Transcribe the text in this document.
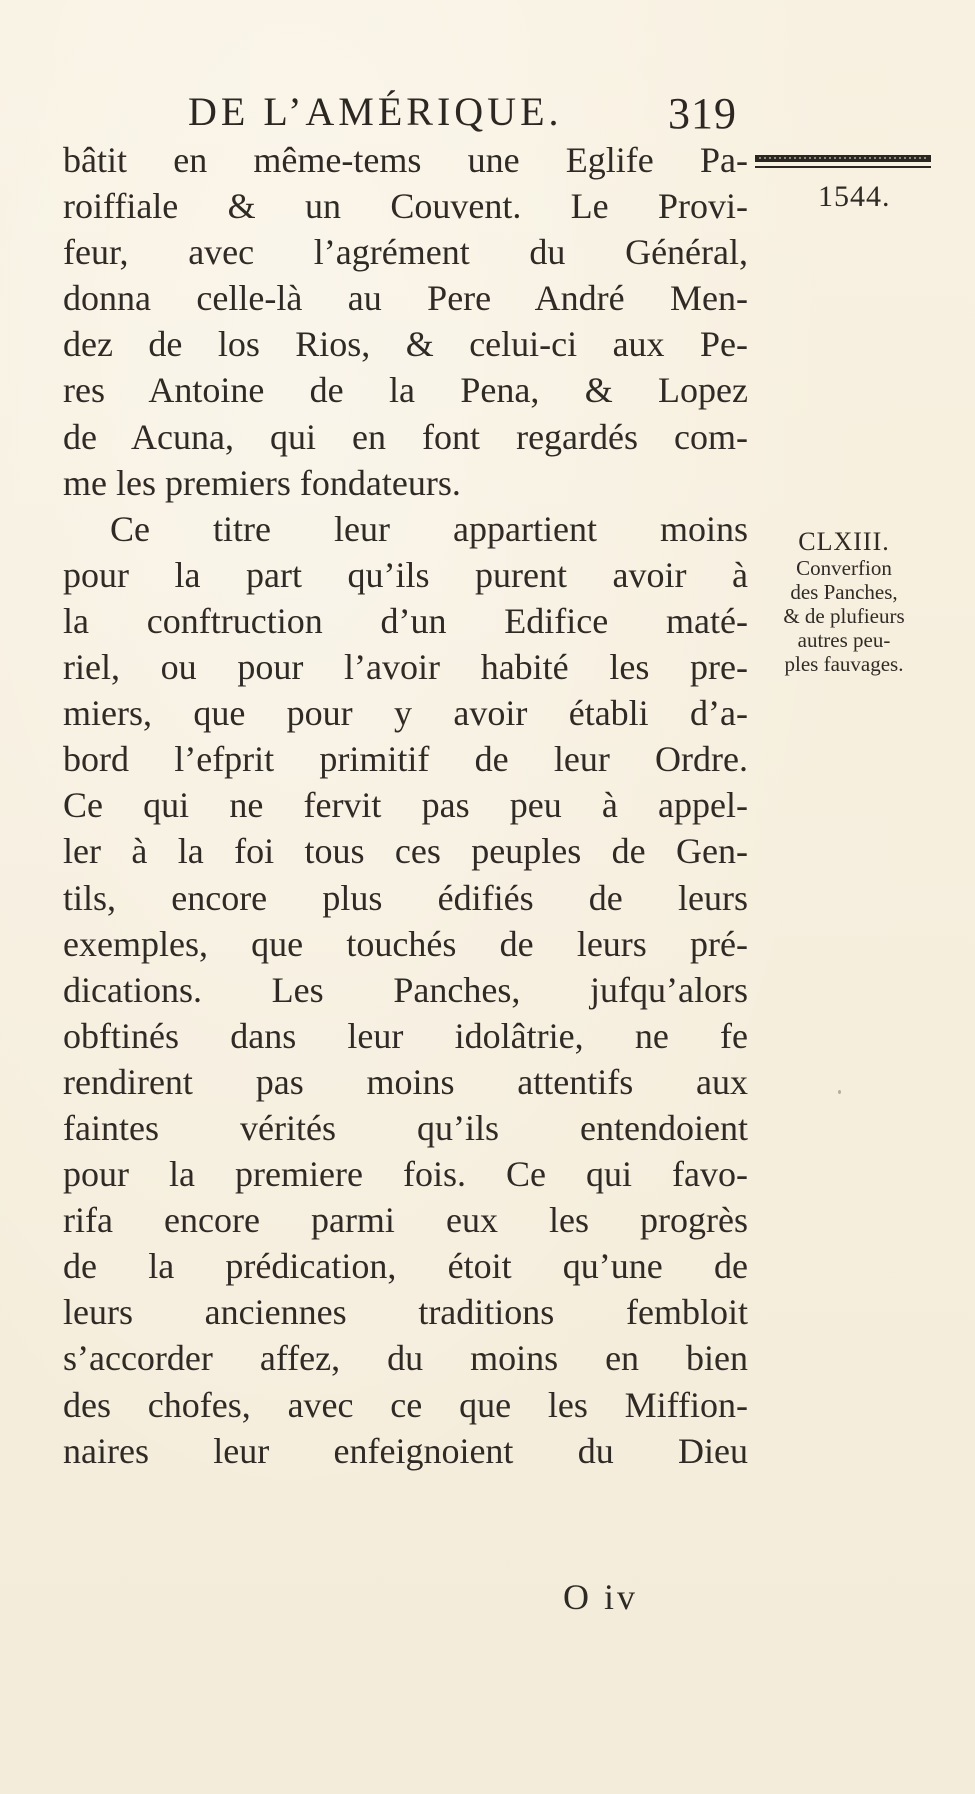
DE L’AMÉRIQUE. 319
1544.
bâtit en même-tems une Eglife Pa-
roiffiale & un Couvent. Le Provi-
feur, avec l’agrément du Général,
donna celle-là au Pere André Men-
dez de los Rios, & celui-ci aux Pe-
res Antoine de la Pena, & Lopez
de Acuna, qui en font regardés com-
me les premiers fondateurs.
Ce titre leur appartient moins
pour la part qu’ils purent avoir à
la conftruction d’un Edifice maté-
riel, ou pour l’avoir habité les pre-
miers, que pour y avoir établi d’a-
bord l’efprit primitif de leur Ordre.
Ce qui ne fervit pas peu à appel-
ler à la foi tous ces peuples de Gen-
tils, encore plus édifiés de leurs
exemples, que touchés de leurs pré-
dications. Les Panches, jufqu’alors
obftinés dans leur idolâtrie, ne fe
rendirent pas moins attentifs aux
faintes vérités qu’ils entendoient
pour la premiere fois. Ce qui favo-
rifa encore parmi eux les progrès
de la prédication, étoit qu’une de
leurs anciennes traditions fembloit
s’accorder affez, du moins en bien
des chofes, avec ce que les Miffion-
naires leur enfeignoient du Dieu
CLXIII.
Converfion
des Panches,
& de plufieurs
autres peu-
ples fauvages.
O iv
